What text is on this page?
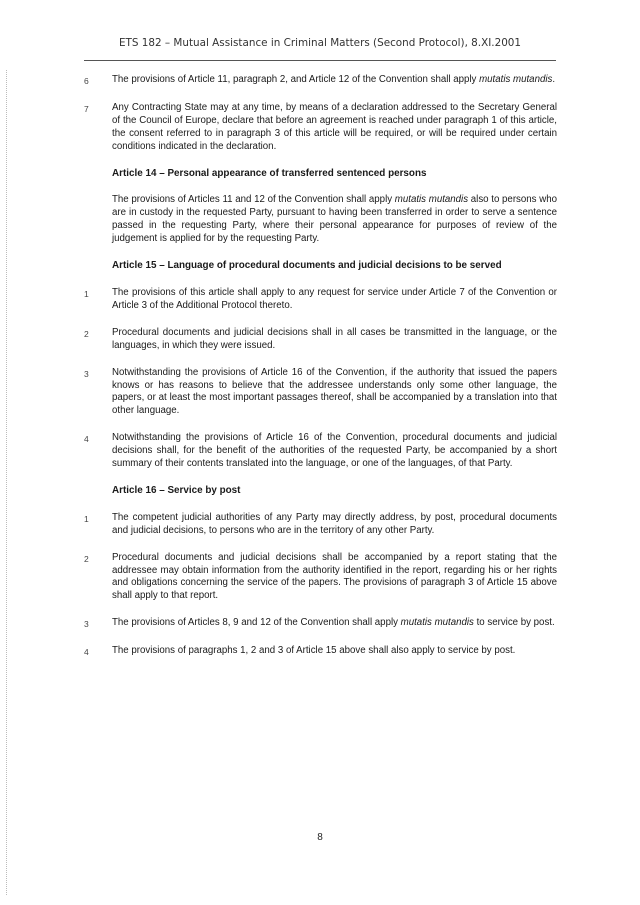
ETS 182 – Mutual Assistance in Criminal Matters (Second Protocol), 8.XI.2001
6	The provisions of Article 11, paragraph 2, and Article 12 of the Convention shall apply mutatis mutandis.
7	Any Contracting State may at any time, by means of a declaration addressed to the Secretary General of the Council of Europe, declare that before an agreement is reached under paragraph 1 of this article, the consent referred to in paragraph 3 of this article will be required, or will be required under certain conditions indicated in the declaration.
Article 14 – Personal appearance of transferred sentenced persons
The provisions of Articles 11 and 12 of the Convention shall apply mutatis mutandis also to persons who are in custody in the requested Party, pursuant to having been transferred in order to serve a sentence passed in the requesting Party, where their personal appearance for purposes of review of the judgement is applied for by the requesting Party.
Article 15 – Language of procedural documents and judicial decisions to be served
1	The provisions of this article shall apply to any request for service under Article 7 of the Convention or Article 3 of the Additional Protocol thereto.
2	Procedural documents and judicial decisions shall in all cases be transmitted in the language, or the languages, in which they were issued.
3	Notwithstanding the provisions of Article 16 of the Convention, if the authority that issued the papers knows or has reasons to believe that the addressee understands only some other language, the papers, or at least the most important passages thereof, shall be accompanied by a translation into that other language.
4	Notwithstanding the provisions of Article 16 of the Convention, procedural documents and judicial decisions shall, for the benefit of the authorities of the requested Party, be accompanied by a short summary of their contents translated into the language, or one of the languages, of that Party.
Article 16 – Service by post
1	The competent judicial authorities of any Party may directly address, by post, procedural documents and judicial decisions, to persons who are in the territory of any other Party.
2	Procedural documents and judicial decisions shall be accompanied by a report stating that the addressee may obtain information from the authority identified in the report, regarding his or her rights and obligations concerning the service of the papers. The provisions of paragraph 3 of Article 15 above shall apply to that report.
3	The provisions of Articles 8, 9 and 12 of the Convention shall apply mutatis mutandis to service by post.
4	The provisions of paragraphs 1, 2 and 3 of Article 15 above shall also apply to service by post.
8
